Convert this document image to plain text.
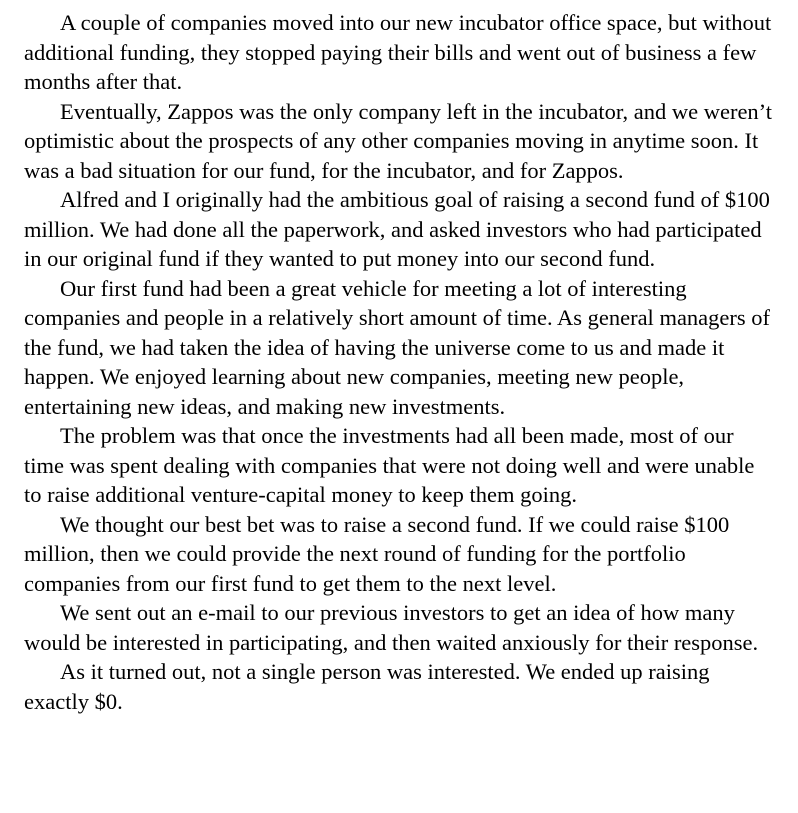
A couple of companies moved into our new incubator office space, but without additional funding, they stopped paying their bills and went out of business a few months after that.

Eventually, Zappos was the only company left in the incubator, and we weren’t optimistic about the prospects of any other companies moving in anytime soon. It was a bad situation for our fund, for the incubator, and for Zappos.

Alfred and I originally had the ambitious goal of raising a second fund of $100 million. We had done all the paperwork, and asked investors who had participated in our original fund if they wanted to put money into our second fund.

Our first fund had been a great vehicle for meeting a lot of interesting companies and people in a relatively short amount of time. As general managers of the fund, we had taken the idea of having the universe come to us and made it happen. We enjoyed learning about new companies, meeting new people, entertaining new ideas, and making new investments.

The problem was that once the investments had all been made, most of our time was spent dealing with companies that were not doing well and were unable to raise additional venture-capital money to keep them going.

We thought our best bet was to raise a second fund. If we could raise $100 million, then we could provide the next round of funding for the portfolio companies from our first fund to get them to the next level.

We sent out an e-mail to our previous investors to get an idea of how many would be interested in participating, and then waited anxiously for their response.

As it turned out, not a single person was interested. We ended up raising exactly $0.
